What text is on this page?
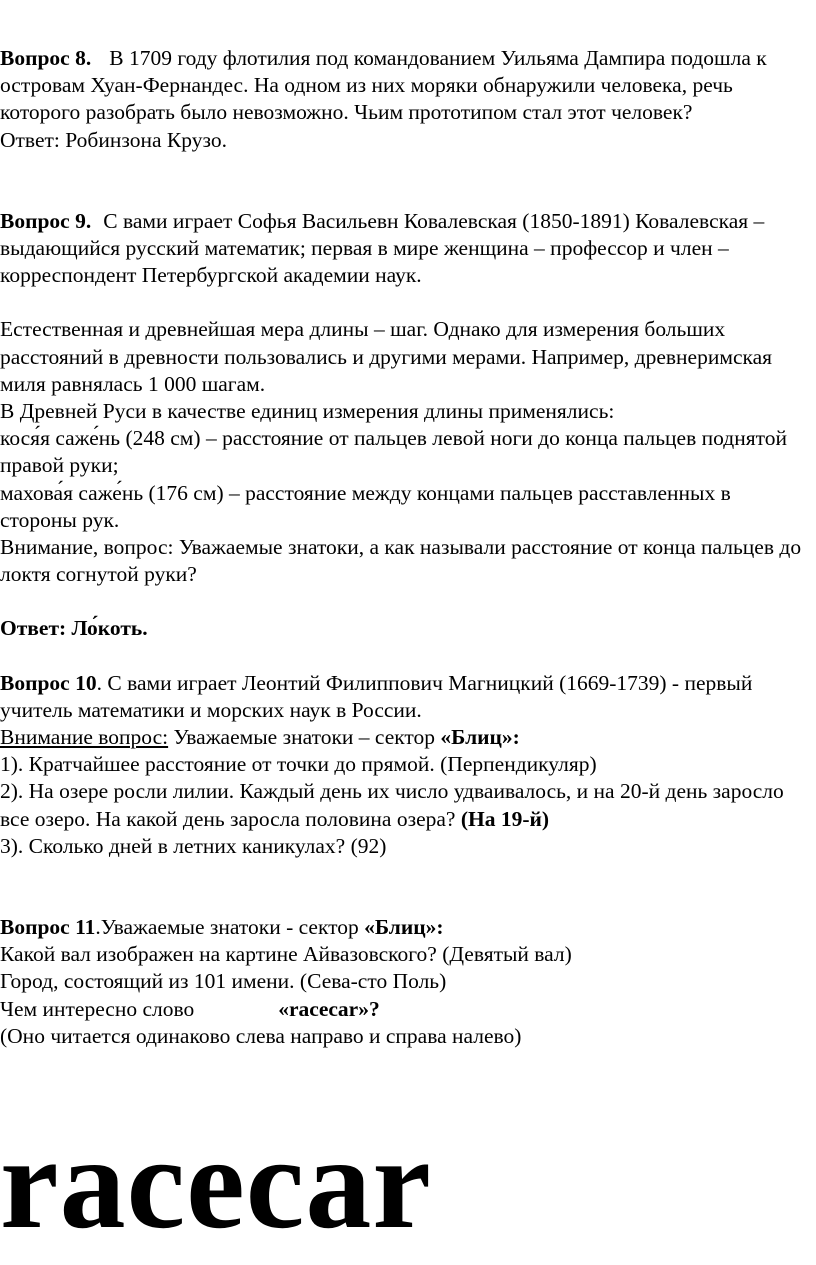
Вопрос 8. В 1709 году флотилия под командованием Уильяма Дампира подошла к островам Хуан-Фернандес. На одном из них моряки обнаружили человека, речь которого разобрать было невозможно. Чьим прототипом стал этот человек?

Ответ: Робинзона Крузо.

Вопрос 9. С вами играет Софья Васильевн Ковалевская (1850-1891) Ковалевская – выдающийся русский математик; первая в мире женщина – профессор и член – корреспондент Петербургской академии наук.

Естественная и древнейшая мера длины – шаг. Однако для измерения больших расстояний в древности пользовались и другими мерами. Например, древнеримская миля равнялась 1 000 шагам.

В Древней Руси в качестве единиц измерения длины применялись:

кося́я саже́нь (248 см) – расстояние от пальцев левой ноги до конца пальцев поднятой правой руки;

махова́я саже́нь (176 см) – расстояние между концами пальцев расставленных в стороны рук.

Внимание, вопрос: Уважаемые знатоки, а как называли расстояние от конца пальцев до локтя согнутой руки?

Ответ: Ло́коть.

Вопрос 10. С вами играет Леонтий Филиппович Магницкий (1669-1739) - первый учитель математики и морских наук в России.

Внимание вопрос: Уважаемые знатоки – сектор «Блиц»:

1). Кратчайшее расстояние от точки до прямой. (Перпендикуляр)

2). На озере росли лилии. Каждый день их число удваивалось, и на 20-й день заросло все озеро. На какой день заросла половина озера? (На 19-й)

3). Сколько дней в летних каникулах? (92)

Вопрос 11.Уважаемые знатоки - сектор «Блиц»:

Какой вал изображен на картине Айвазовского? (Девятый вал)

Город, состоящий из 101 имени. (Сева-сто Поль)

Чем интересно слово	«racecar»?

(Оно читается одинаково слева направо и справа налево)

racecar
